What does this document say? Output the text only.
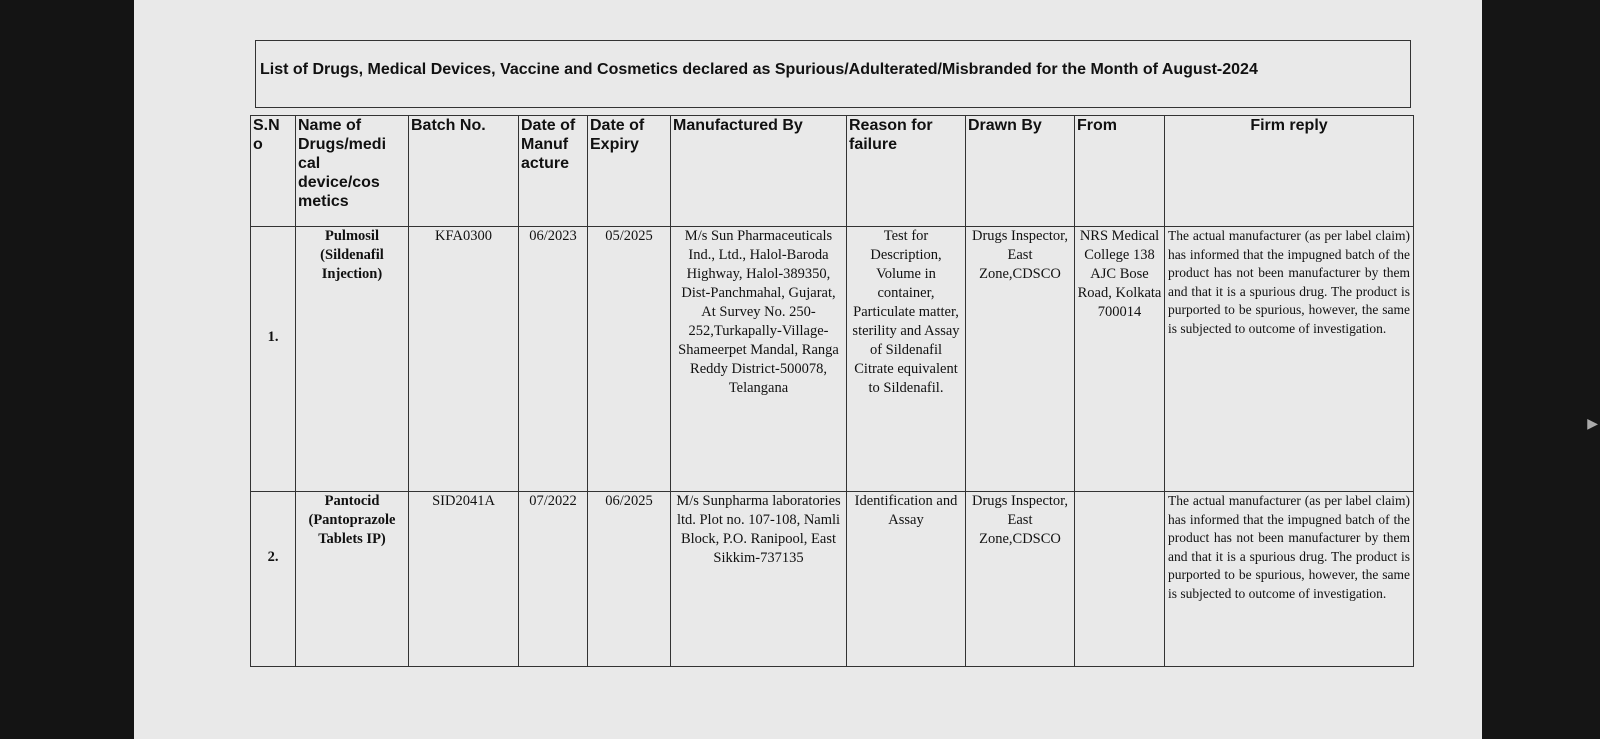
▶
List of Drugs, Medical Devices, Vaccine and Cosmetics declared as Spurious/Adulterated/Misbranded for the Month of August-2024
S.N o	Name of Drugs/medi cal device/cos metics	Batch No.	Date of Manuf acture	Date of Expiry	Manufactured By	Reason for failure	Drawn By	From	Firm reply

1.	Pulmosil (Sildenafil Injection)	KFA0300	06/2023	05/2025	M/s Sun Pharmaceuticals Ind., Ltd., Halol-Baroda Highway, Halol-389350, Dist-Panchmahal, Gujarat, At Survey No. 250-252,Turkapally-Village-Shameerpet Mandal, Ranga Reddy District-500078, Telangana	Test for Description, Volume in container, Particulate matter, sterility and Assay of Sildenafil Citrate equivalent to Sildenafil.	Drugs Inspector, East Zone,CDSCO	NRS Medical College 138 AJC Bose Road, Kolkata 700014	The actual manufacturer (as per label claim) has informed that the impugned batch of the product has not been manufacturer by them and that it is a spurious drug. The product is purported to be spurious, however, the same is subjected to outcome of investigation.

2.	Pantocid (Pantoprazole Tablets IP)	SID2041A	07/2022	06/2025	M/s Sunpharma laboratories ltd. Plot no. 107-108, Namli Block, P.O. Ranipool, East Sikkim-737135	Identification and Assay	Drugs Inspector, East Zone,CDSCO		The actual manufacturer (as per label claim) has informed that the impugned batch of the product has not been manufacturer by them and that it is a spurious drug. The product is purported to be spurious, however, the same is subjected to outcome of investigation.
